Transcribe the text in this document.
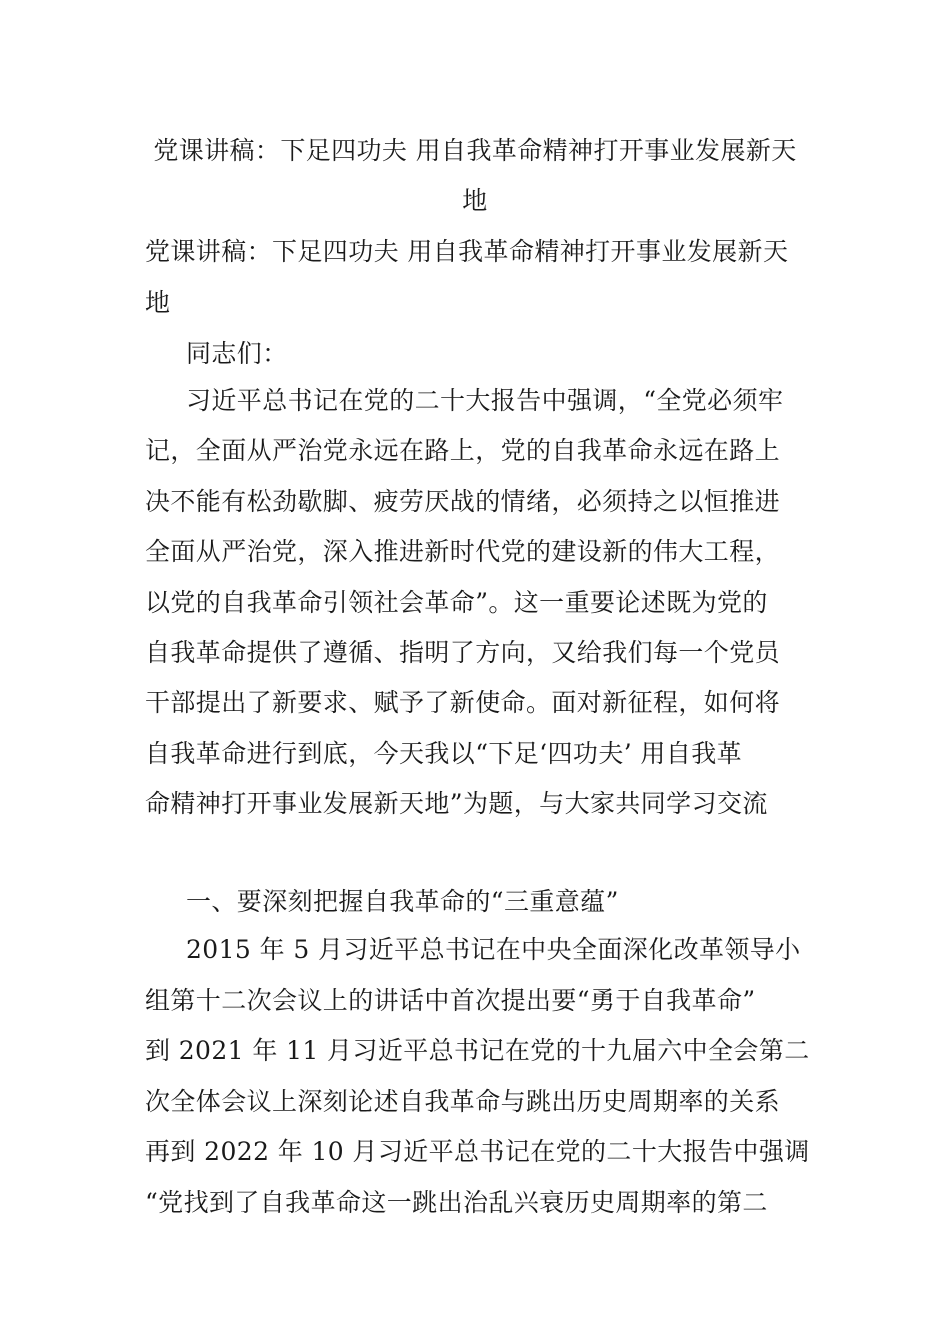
党课讲稿：下足四功夫 用自我革命精神打开事业发展新天
地
党课讲稿：下足四功夫 用自我革命精神打开事业发展新天
地
同志们：
习近平总书记在党的二十大报告中强调，“全党必须牢
记，全面从严治党永远在路上，党的自我革命永远在路上
决不能有松劲歇脚、疲劳厌战的情绪，必须持之以恒推进
全面从严治党，深入推进新时代党的建设新的伟大工程，
以党的自我革命引领社会革命”。这一重要论述既为党的
自我革命提供了遵循、指明了方向，又给我们每一个党员
干部提出了新要求、赋予了新使命。面对新征程，如何将
自我革命进行到底，今天我以“下足‘四功夫’ 用自我革
命精神打开事业发展新天地”为题，与大家共同学习交流
一、要深刻把握自我革命的“三重意蕴”
2015 年 5 月习近平总书记在中央全面深化改革领导小
组第十二次会议上的讲话中首次提出要“勇于自我革命”
到 2021 年 11 月习近平总书记在党的十九届六中全会第二
次全体会议上深刻论述自我革命与跳出历史周期率的关系
再到 2022 年 10 月习近平总书记在党的二十大报告中强调
“党找到了自我革命这一跳出治乱兴衰历史周期率的第二
